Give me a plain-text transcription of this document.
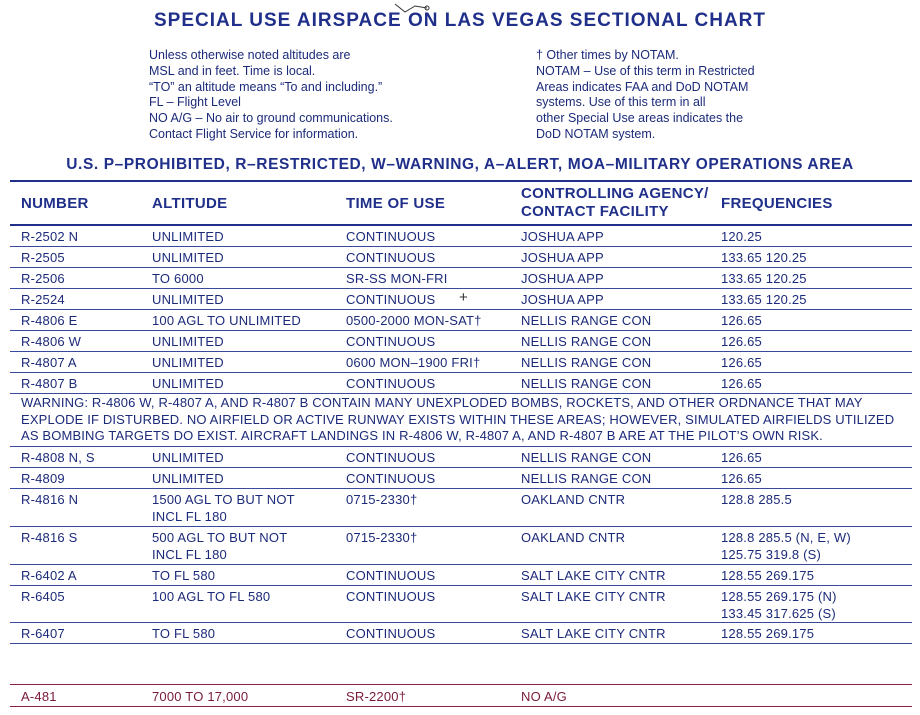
SPECIAL USE AIRSPACE ON LAS VEGAS SECTIONAL CHART
Unless otherwise noted altitudes are
MSL and in feet. Time is local.
“TO” an altitude means “To and including.”
FL – Flight Level
NO A/G – No air to ground communications.
Contact Flight Service for information.
† Other times by NOTAM.
NOTAM – Use of this term in Restricted
Areas indicates FAA and DoD NOTAM
systems. Use of this term in all
other Special Use areas indicates the
DoD NOTAM system.
U.S. P–PROHIBITED, R–RESTRICTED, W–WARNING, A–ALERT, MOA–MILITARY OPERATIONS AREA
NUMBER	ALTITUDE	TIME OF USE
CONTROLLING AGENCY/
CONTACT FACILITY	FREQUENCIES
R-2502 N	UNLIMITED	CONTINUOUS	JOSHUA APP	120.25
R-2505	UNLIMITED	CONTINUOUS	JOSHUA APP	133.65 120.25
R-2506	TO 6000	SR-SS MON-FRI	JOSHUA APP	133.65 120.25
R-2524	UNLIMITED	CONTINUOUS	JOSHUA APP	133.65 120.25
+
R-4806 E	100 AGL TO UNLIMITED	0500-2000 MON-SAT†	NELLIS RANGE CON	126.65
R-4806 W	UNLIMITED	CONTINUOUS	NELLIS RANGE CON	126.65
R-4807 A	UNLIMITED	0600 MON–1900 FRI†	NELLIS RANGE CON	126.65
R-4807 B	UNLIMITED	CONTINUOUS	NELLIS RANGE CON	126.65
WARNING: R-4806 W, R-4807 A, AND R-4807 B CONTAIN MANY UNEXPLODED BOMBS, ROCKETS, AND OTHER ORDNANCE THAT MAY EXPLODE IF DISTURBED. NO AIRFIELD OR ACTIVE RUNWAY EXISTS WITHIN THESE AREAS; HOWEVER, SIMULATED AIRFIELDS UTILIZED AS BOMBING TARGETS DO EXIST. AIRCRAFT LANDINGS IN R-4806 W, R-4807 A, AND R-4807 B ARE AT THE PILOT’S OWN RISK.
R-4808 N, S	UNLIMITED	CONTINUOUS	NELLIS RANGE CON	126.65
R-4809	UNLIMITED	CONTINUOUS	NELLIS RANGE CON	126.65
R-4816 N	1500 AGL TO BUT NOT
INCL FL 180
0715-2330†	OAKLAND CNTR	128.8 285.5
R-4816 S	500 AGL TO BUT NOT
INCL FL 180
0715-2330†	OAKLAND CNTR	128.8 285.5 (N, E, W)
125.75 319.8 (S)
R-6402 A	TO FL 580	CONTINUOUS	SALT LAKE CITY CNTR	128.55 269.175
R-6405	100 AGL TO FL 580	CONTINUOUS	SALT LAKE CITY CNTR	128.55 269.175 (N)
133.45 317.625 (S)
R-6407	TO FL 580	CONTINUOUS	SALT LAKE CITY CNTR	128.55 269.175
A-481	7000 TO 17,000	SR-2200†	NO A/G
